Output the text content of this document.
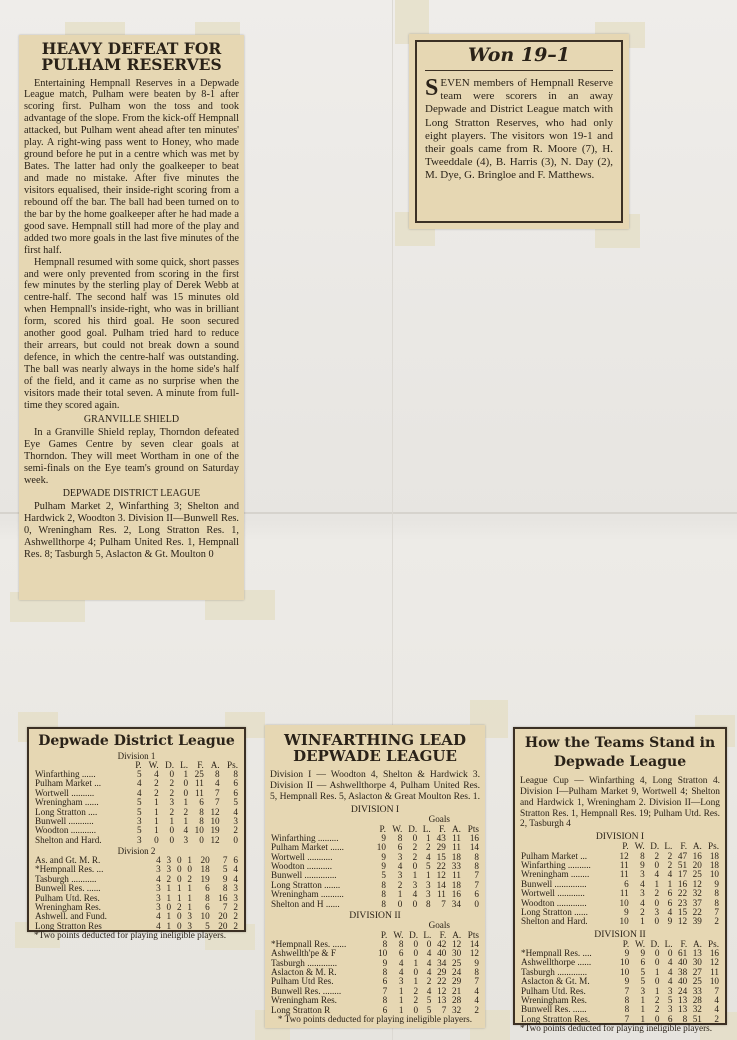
HEAVY DEFEAT FOR PULHAM RESERVES
Entertaining Hempnall Reserves in a Depwade League match, Pulham were beaten by 8-1 after scoring first. Pulham won the toss and took advantage of the slope. From the kick-off Hempnall attacked, but Pulham went ahead after ten minutes' play. A right-wing pass went to Honey, who made ground before he put in a centre which was met by Bates. The latter had only the goalkeeper to beat and made no mistake. After five minutes the visitors equalised, their inside-right scoring from a rebound off the bar. The ball had been turned on to the bar by the home goalkeeper after he had made a good save. Hempnall still had more of the play and added two more goals in the last five minutes of the first half.
Hempnall resumed with some quick, short passes and were only prevented from scoring in the first few minutes by the sterling play of Derek Webb at centre-half. The second half was 15 minutes old when Hempnall's inside-right, who was in brilliant form, scored his third goal. He soon secured another good goal. Pulham tried hard to reduce their arrears, but could not break down a sound defence, in which the centre-half was outstanding. The ball was nearly always in the home side's half of the field, and it came as no surprise when the visitors made their total seven. A minute from full-time they scored again.
GRANVILLE SHIELD
In a Granville Shield replay, Thorndon defeated Eye Games Centre by seven clear goals at Thorndon. They will meet Wortham in one of the semi-finals on the Eye team's ground on Saturday week.
DEPWADE DISTRICT LEAGUE
Pulham Market 2, Winfarthing 3; Shelton and Hardwick 2, Woodton 3. Division II—Bunwell Res. 0, Wreningham Res. 2, Long Stratton Res. 1, Ashwellthorpe 4; Pulham United Res. 1, Hempnall Res. 8; Tasburgh 5, Aslacton & Gt. Moulton 0
Won 19–1
S EVEN members of Hempnall Reserve team were scorers in an away Depwade and District League match with Long Stratton Reserves, who had only eight players. The visitors won 19-1 and their goals came from R. Moore (7), H. Tweeddale (4), B. Harris (3), N. Day (2), M. Dye, G. Bringloe and F. Matthews.
Depwade District League
Division 1
	P.	W.	D.	L.	F.	A.	Ps.
Winfarthing ......	5	4	0	1	25	8	8
Pulham Market ...	4	2	2	0	11	4	6
Wortwell ..........	4	2	2	0	11	7	6
Wreningham ......	5	1	3	1	6	7	5
Long Stratton ....	5	1	2	2	8	12	4
Bunwell ...........	3	1	1	1	8	10	3
Woodton ...........	5	1	0	4	10	19	2
Shelton and Hard.	3	0	0	3	0	12	0
Division 2
As. and Gt. M. R.	4	3	0	1	20	7	6
*Hempnall Res. ...	3	3	0	0	18	5	4
Tasburgh ...........	4	2	0	2	19	9	4
Bunwell Res. ......	3	1	1	1	6	8	3
Pulham Utd. Res.	3	1	1	1	8	16	3
Wreningham Res.	3	0	2	1	6	7	2
Ashwell. and Fund.	4	1	0	3	10	20	2
Long Stratton Res	4	1	0	3	5	20	2
*Two points deducted for playing ineligible players.
WINFARTHING LEAD DEPWADE LEAGUE
Division I — Woodton 4, Shelton & Hardwick 3. Division II — Ashwellthorpe 4, Pulham United Res. 5, Hempnall Res. 5, Aslacton & Great Moulton Res. 1.
DIVISION I
Goals
	P.	W.	D.	L.	F.	A.	Pts
Winfarthing .........	9	8	0	1	43	11	16
Pulham Market ......	10	6	2	2	29	11	14
Wortwell ...........	9	3	2	4	15	18	8
Woodton ...........	9	4	0	5	22	33	8
Bunwell ..............	5	3	1	1	12	11	7
Long Stratton .......	8	2	3	3	14	18	7
Wreningham ..........	8	1	4	3	11	16	6
Shelton and H ......	8	0	0	8	7	34	0
DIVISION II
Goals
	P.	W.	D.	L.	F.	A.	Pts
*Hempnall Res. ......	8	8	0	0	42	12	14
Ashwellth'pe & F	10	6	0	4	40	30	12
Tasburgh .............	9	4	1	4	34	25	9
Aslacton & M. R.	8	4	0	4	29	24	8
Pulham Utd Res.	6	3	1	2	22	29	7
Bunwell Res. ........	7	1	2	4	12	21	4
Wreningham Res.	8	1	2	5	13	28	4
Long Stratton R	6	1	0	5	7	32	2
* Two points deducted for playing ineligible players.
How the Teams Stand in Depwade League
League Cup — Winfarthing 4, Long Stratton 4. Division I—Pulham Market 9, Wortwell 4; Shelton and Hardwick 1, Wreningham 2. Division II—Long Stratton Res. 1, Hempnall Res. 19; Pulham Utd. Res. 2, Tasburgh 4
DIVISION I
	P.	W.	D.	L.	F.	A.	Ps.
Pulham Market ...	12	8	2	2	47	16	18
Winfarthing ..........	11	9	0	2	51	20	18
Wreningham ........	11	3	4	4	17	25	10
Bunwell ..............	6	4	1	1	16	12	9
Wortwell ............	11	3	2	6	22	32	8
Woodton .............	10	4	0	6	23	37	8
Long Stratton ......	9	2	3	4	15	22	7
Shelton and Hard.	10	1	0	9	12	39	2
DIVISION II
	P.	W.	D.	L.	F.	A.	Ps.
*Hempnall Res. ....	9	9	0	0	61	13	16
Ashwellthorpe ......	10	6	0	4	40	30	12
Tasburgh .............	10	5	1	4	38	27	11
Aslacton & Gt. M.	9	5	0	4	40	25	10
Pulham Utd. Res.	7	3	1	3	24	33	7
Wreningham Res.	8	1	2	5	13	28	4
Bunwell Res. ......	8	1	2	3	13	32	4
Long Stratton Res.	7	1	0	6	8	51	2
*Two points deducted for playing ineligible players.
